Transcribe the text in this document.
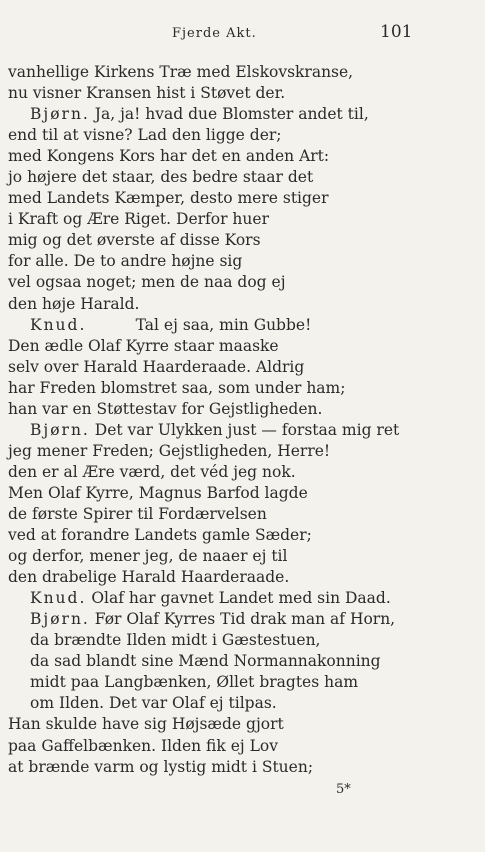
Fjerde Akt.	101
vanhellige Kirkens Træ med Elskovskranse,
nu visner Kransen hist i Støvet der.
Bjørn. Ja, ja! hvad due Blomster andet til,
end til at visne? Lad den ligge der;
med Kongens Kors har det en anden Art:
jo højere det staar, des bedre staar det
med Landets Kæmper, desto mere stiger
i Kraft og Ære Riget. Derfor huer
mig og det øverste af disse Kors
for alle. De to andre højne sig
vel ogsaa noget; men de naa dog ej
den høje Harald.
Knud.          Tal ej saa, min Gubbe!
Den ædle Olaf Kyrre staar maaske
selv over Harald Haarderaade. Aldrig
har Freden blomstret saa, som under ham;
han var en Støttestav for Gejstligheden.
Bjørn. Det var Ulykken just — forstaa mig ret
jeg mener Freden; Gejstligheden, Herre!
den er al Ære værd, det véd jeg nok.
Men Olaf Kyrre, Magnus Barfod lagde
de første Spirer til Fordærvelsen
ved at forandre Landets gamle Sæder;
og derfor, mener jeg, de naaer ej til
den drabelige Harald Haarderaade.
Knud. Olaf har gavnet Landet med sin Daad.
Bjørn. Før Olaf Kyrres Tid drak man af Horn,
da brændte Ilden midt i Gæstestuen,
da sad blandt sine Mænd Normannakonning
midt paa Langbænken, Øllet bragtes ham
om Ilden. Det var Olaf ej tilpas.
Han skulde have sig Højsæde gjort
paa Gaffelbænken. Ilden fik ej Lov
at brænde varm og lystig midt i Stuen;
5*
